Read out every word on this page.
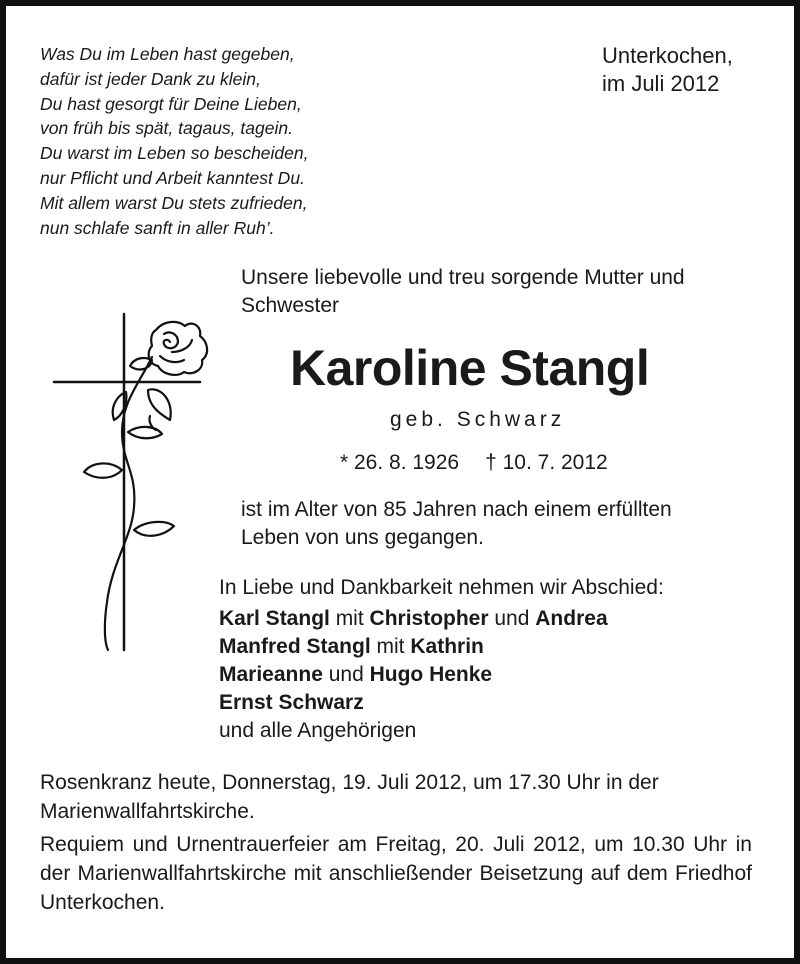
Was Du im Leben hast gegeben,
dafür ist jeder Dank zu klein,
Du hast gesorgt für Deine Lieben,
von früh bis spät, tagaus, tagein.
Du warst im Leben so bescheiden,
nur Pflicht und Arbeit kanntest Du.
Mit allem warst Du stets zufrieden,
nun schlafe sanft in aller Ruh’.
Unterkochen,
im Juli 2012
Unsere liebevolle und treu sorgende Mutter und Schwester
Karoline Stangl
geb. Schwarz
* 26. 8. 1926 † 10. 7. 2012
ist im Alter von 85 Jahren nach einem erfüllten Leben von uns gegangen.
In Liebe und Dankbarkeit nehmen wir Abschied:
Karl Stangl mit Christopher und Andrea
Manfred Stangl mit Kathrin
Marieanne und Hugo Henke
Ernst Schwarz
und alle Angehörigen
Rosenkranz heute, Donnerstag, 19. Juli 2012, um 17.30 Uhr in der Marienwallfahrtskirche.
Requiem und Urnentrauerfeier am Freitag, 20. Juli 2012, um 10.30 Uhr in der Marienwallfahrtskirche mit anschließender Beisetzung auf dem Friedhof Unterkochen.
